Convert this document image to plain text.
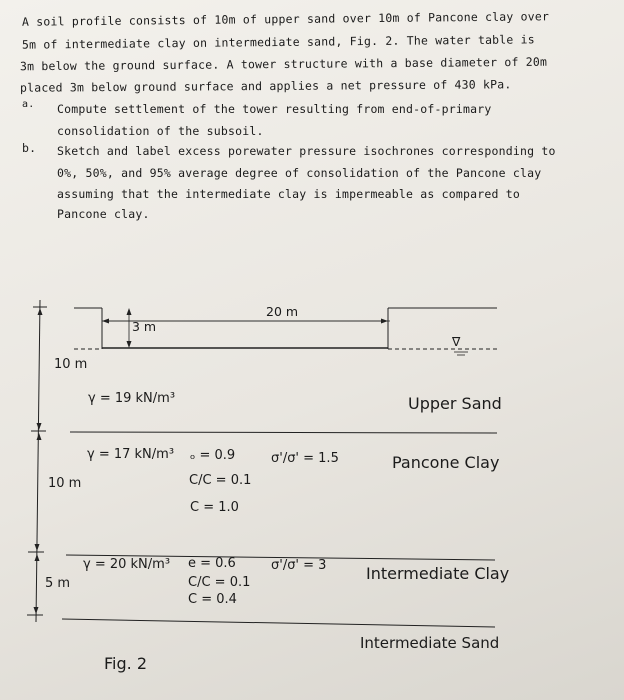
A soil profile consists of 10m of upper sand over 10m of Pancone clay over
5m of intermediate clay on intermediate sand, Fig. 2. The water table is
3m below the ground surface. A tower structure with a base diameter of 20m
placed 3m below ground surface and applies a net pressure of 430 kPa.
a. Compute settlement of the tower resulting from end-of-primary
consolidation of the subsoil.
b. Sketch and label excess porewater pressure isochrones corresponding to
0%, 50%, and 95% average degree of consolidation of the Pancone clay
assuming that the intermediate clay is impermeable as compared to
Pancone clay.
20 m
3 m
∇
10 m
γ = 19 kN/m³	Upper Sand
10 m
γ = 17 kN/m³ ₒ = 0.9
C/C = 0.1
C = 1.0
σ'/σ' = 1.5	Pancone Clay
5 m
γ = 20 kN/m³ e = 0.6
C/C = 0.1
C = 0.4
σ'/σ' = 3 Intermediate Clay
Intermediate Sand
Fig. 2
